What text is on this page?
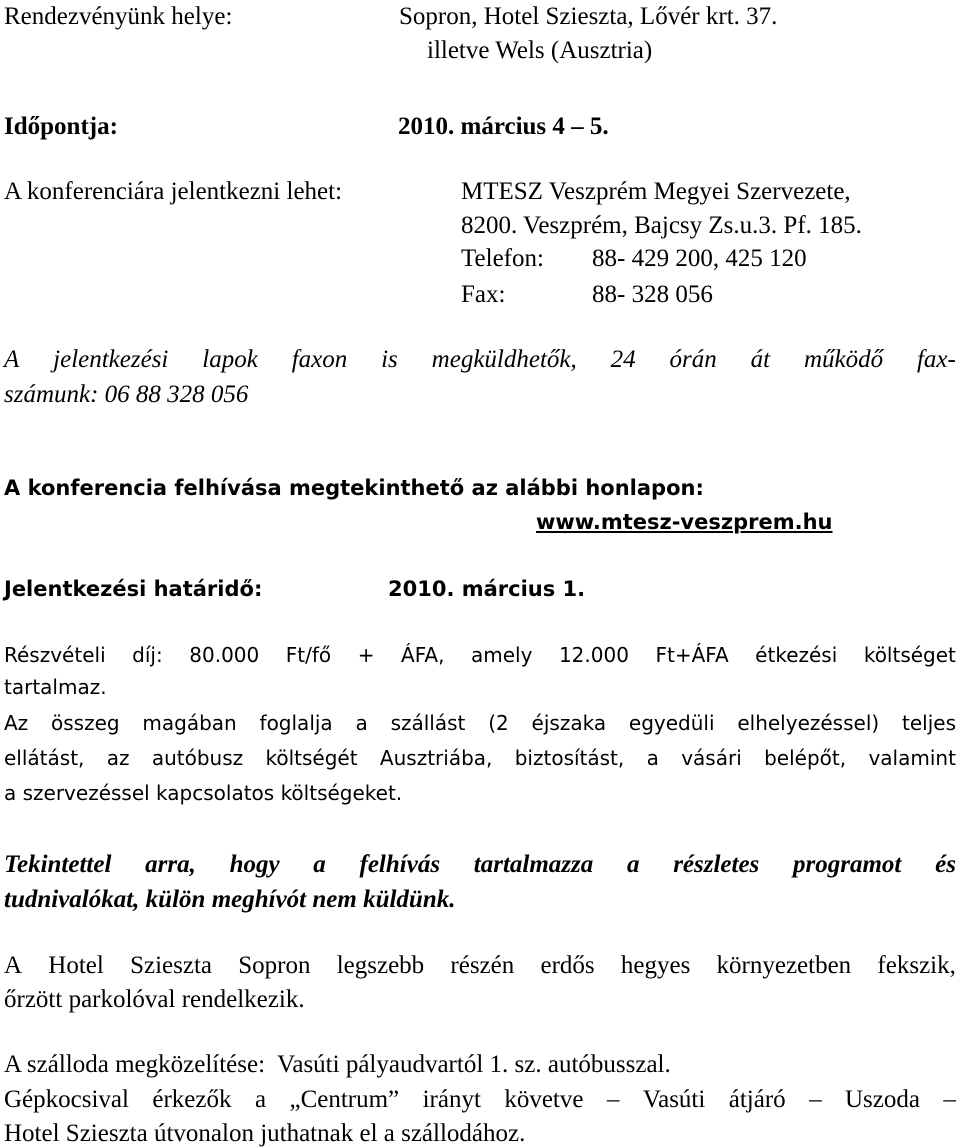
Rendezvényünk helye:	Sopron, Hotel Szieszta, Lővér krt. 37.
illetve Wels (Ausztria)
Időpontja:	2010. március 4 – 5.
A konferenciára jelentkezni lehet:	MTESZ Veszprém Megyei Szervezete,
8200. Veszprém, Bajcsy Zs.u.3. Pf. 185.
Telefon: 88- 429 200, 425 120
Fax:	88- 328 056
A jelentkezési lapok faxon is megküldhetők, 24 órán át működő fax-
számunk: 06 88 328 056
A konferencia felhívása megtekinthető az alábbi honlapon:
www.mtesz-veszprem.hu
Jelentkezési határidő:	2010. március 1.
Részvételi díj: 80.000 Ft/fő + ÁFA, amely 12.000 Ft+ÁFA étkezési költséget
tartalmaz.
Az összeg magában foglalja a szállást (2 éjszaka egyedüli elhelyezéssel) teljes
ellátást, az autóbusz költségét Ausztriába, biztosítást, a vásári belépőt, valamint
a szervezéssel kapcsolatos költségeket.
Tekintettel arra, hogy a felhívás tartalmazza a részletes programot és
tudnivalókat, külön meghívót nem küldünk.
A Hotel Szieszta Sopron legszebb részén erdős hegyes környezetben fekszik,
őrzött parkolóval rendelkezik.
A szálloda megközelítése:  Vasúti pályaudvartól 1. sz. autóbusszal.
Gépkocsival érkezők a „Centrum” irányt követve – Vasúti átjáró – Uszoda –
Hotel Szieszta útvonalon juthatnak el a szállodához.
